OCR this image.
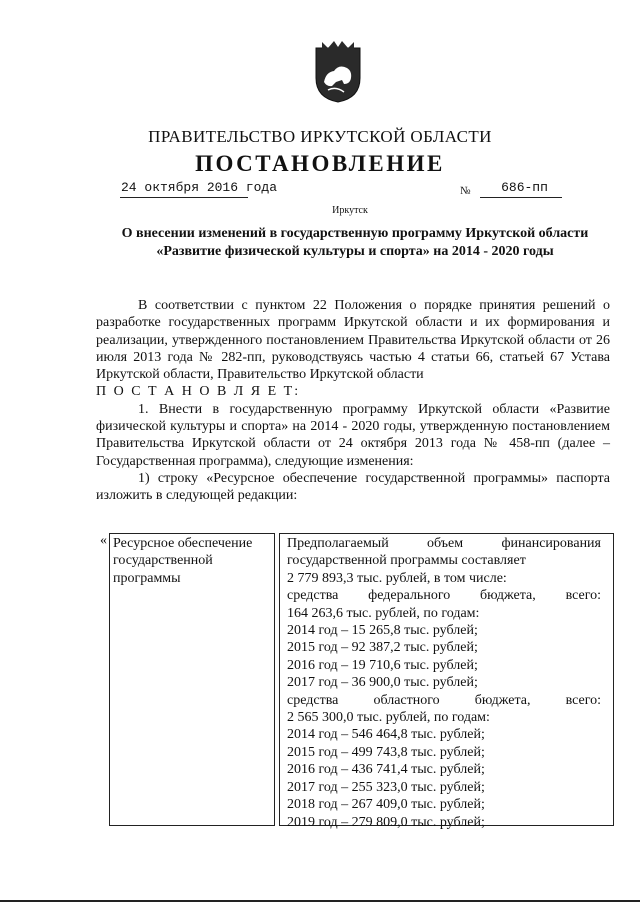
ПРАВИТЕЛЬСТВО ИРКУТСКОЙ ОБЛАСТИ
ПОСТАНОВЛЕНИЕ
24 октября 2016 года	№	686-пп
Иркутск
О внесении изменений в государственную программу Иркутской области «Развитие физической культуры и спорта» на 2014 - 2020 годы

В соответствии с пунктом 22 Положения о порядке принятия решений о разработке государственных программ Иркутской области и их формирования и реализации, утвержденного постановлением Правительства Иркутской области от 26 июля 2013 года № 282-пп, руководствуясь частью 4 статьи 66, статьей 67 Устава Иркутской области, Правительство Иркутской области

П О С Т А Н О В Л Я Е Т:

1. Внести в государственную программу Иркутской области «Развитие физической культуры и спорта» на 2014 - 2020 годы, утвержденную постановлением Правительства Иркутской области от 24 октября 2013 года № 458-пп (далее – Государственная программа), следующие изменения:

1) строку «Ресурсное обеспечение государственной программы» паспорта изложить в следующей редакции:

« Ресурсное обеспечение государственной программы
Предполагаемый объем финансирования государственной программы составляет
2 779 893,3 тыс. рублей, в том числе:
средства федерального бюджета, всего:
164 263,6 тыс. рублей, по годам:
2014 год – 15 265,8 тыс. рублей;
2015 год – 92 387,2 тыс. рублей;
2016 год – 19 710,6 тыс. рублей;
2017 год – 36 900,0 тыс. рублей;
средства областного бюджета, всего:
2 565 300,0 тыс. рублей, по годам:
2014 год – 546 464,8 тыс. рублей;
2015 год – 499 743,8 тыс. рублей;
2016 год – 436 741,4 тыс. рублей;
2017 год – 255 323,0 тыс. рублей;
2018 год – 267 409,0 тыс. рублей;
2019 год – 279 809,0 тыс. рублей;
